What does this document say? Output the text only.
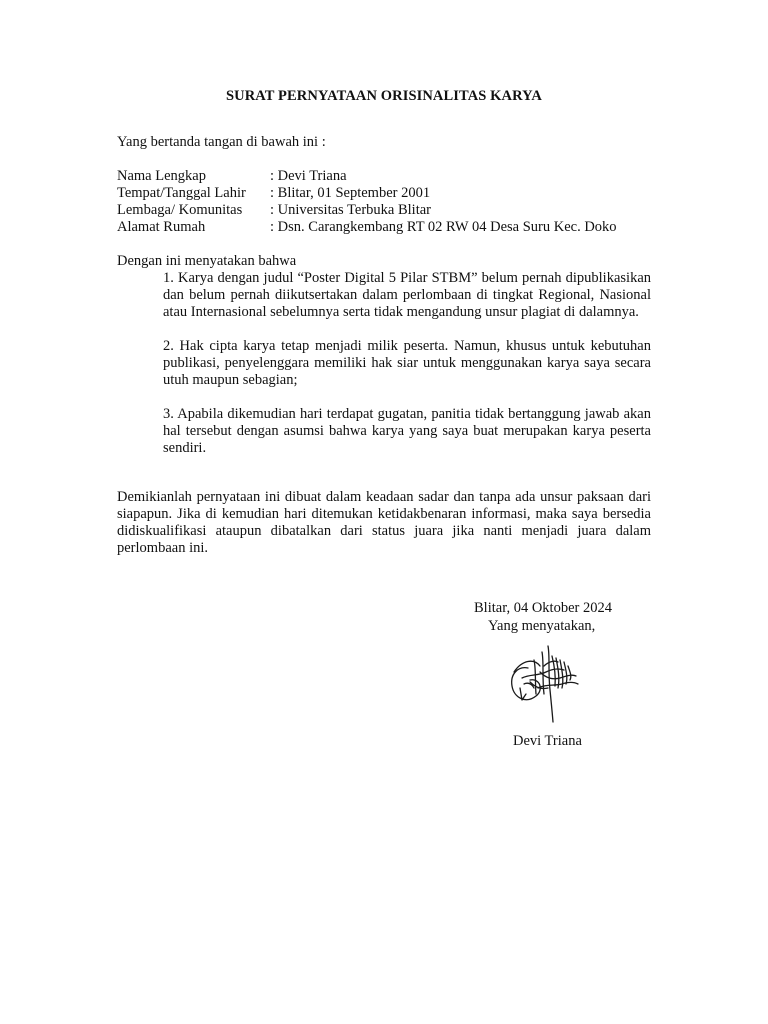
SURAT PERNYATAAN ORISINALITAS KARYA
Yang bertanda tangan di bawah ini :
Nama Lengkap	: Devi Triana
Tempat/Tanggal Lahir	: Blitar, 01 September 2001
Lembaga/ Komunitas	: Universitas Terbuka Blitar
Alamat Rumah	: Dsn. Carangkembang RT 02 RW 04 Desa Suru Kec. Doko
Dengan ini menyatakan bahwa
1. Karya dengan judul “Poster Digital 5 Pilar STBM” belum pernah dipublikasikan dan belum pernah diikutsertakan dalam perlombaan di tingkat Regional, Nasional atau Internasional sebelumnya serta tidak mengandung unsur plagiat di dalamnya.
2. Hak cipta karya tetap menjadi milik peserta. Namun, khusus untuk kebutuhan publikasi, penyelenggara memiliki hak siar untuk menggunakan karya saya secara utuh maupun sebagian;
3. Apabila dikemudian hari terdapat gugatan, panitia tidak bertanggung jawab akan hal tersebut dengan asumsi bahwa karya yang saya buat merupakan karya peserta sendiri.
Demikianlah pernyataan ini dibuat dalam keadaan sadar dan tanpa ada unsur paksaan dari siapapun. Jika di kemudian hari ditemukan ketidakbenaran informasi, maka saya bersedia didiskualifikasi ataupun dibatalkan dari status juara jika nanti menjadi juara dalam perlombaan ini.
Blitar, 04 Oktober 2024
Yang menyatakan,
Devi Triana
